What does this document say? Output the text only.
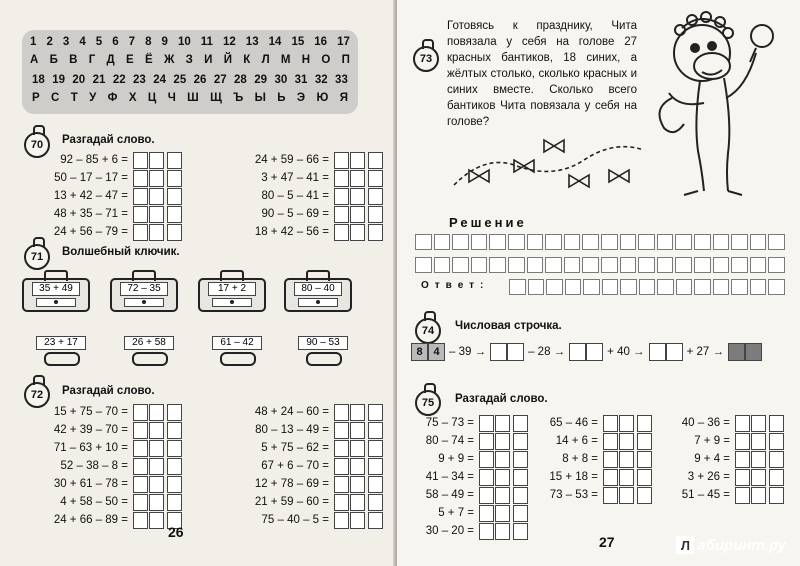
1 2 3 4 5 6 7 8 9 10 11 12 13 14 15 16 17
А Б В Г Д Е Ё Ж З И Й К Л М Н О П
18 19 20 21 22 23 24 25 26 27 28 29 30 31 32 33
Р С Т У Ф Х Ц Ч Ш Щ Ъ Ы Ь Э Ю Я
70	Разгадай слово.
92 – 85 + 6 =
50 – 17 – 17 =
13 + 42 – 47 =
48 + 35 – 71 =
24 + 56 – 79 =
24 + 59 – 66 =
3 + 47 – 41 =
80 – 5 – 41 =
90 – 5 – 69 =
18 + 42 – 56 =
71	Волшебный ключик.
35 + 49	72 – 35	17 + 2	80 – 40
23 + 17	26 + 58	61 – 42	90 – 53
72	Разгадай слово.
15 + 75 – 70 =
42 + 39 – 70 =
71 – 63 + 10 =
52 – 38 – 8 =
30 + 61 – 78 =
4 + 58 – 50 =
24 + 66 – 89 =
48 + 24 – 60 =
80 – 13 – 49 =
5 + 75 – 62 =
67 + 6 – 70 =
12 + 78 – 69 =
21 + 59 – 60 =
75 – 40 – 5 =
26
73
Готовясь к празднику, Чита повязала у себя на голове 27 красных бантиков, 18 синих, а жёлтых столько, сколько красных и синих вместе. Сколько всего бантиков Чита повязала у себя на голове?
Решение
Ответ:
74	Числовая строчка.
8 4 – 39 →	– 28 →	+ 40 →	+ 27 →
75	Разгадай слово.
75 – 73 =
80 – 74 =
9 + 9 =
41 – 34 =
58 – 49 =
5 + 7 =
30 – 20 =
65 – 46 =
14 + 6 =
8 + 8 =
15 + 18 =
73 – 53 =
40 – 36 =
7 + 9 =
9 + 4 =
3 + 26 =
51 – 45 =
27	Л абиринт.ру
